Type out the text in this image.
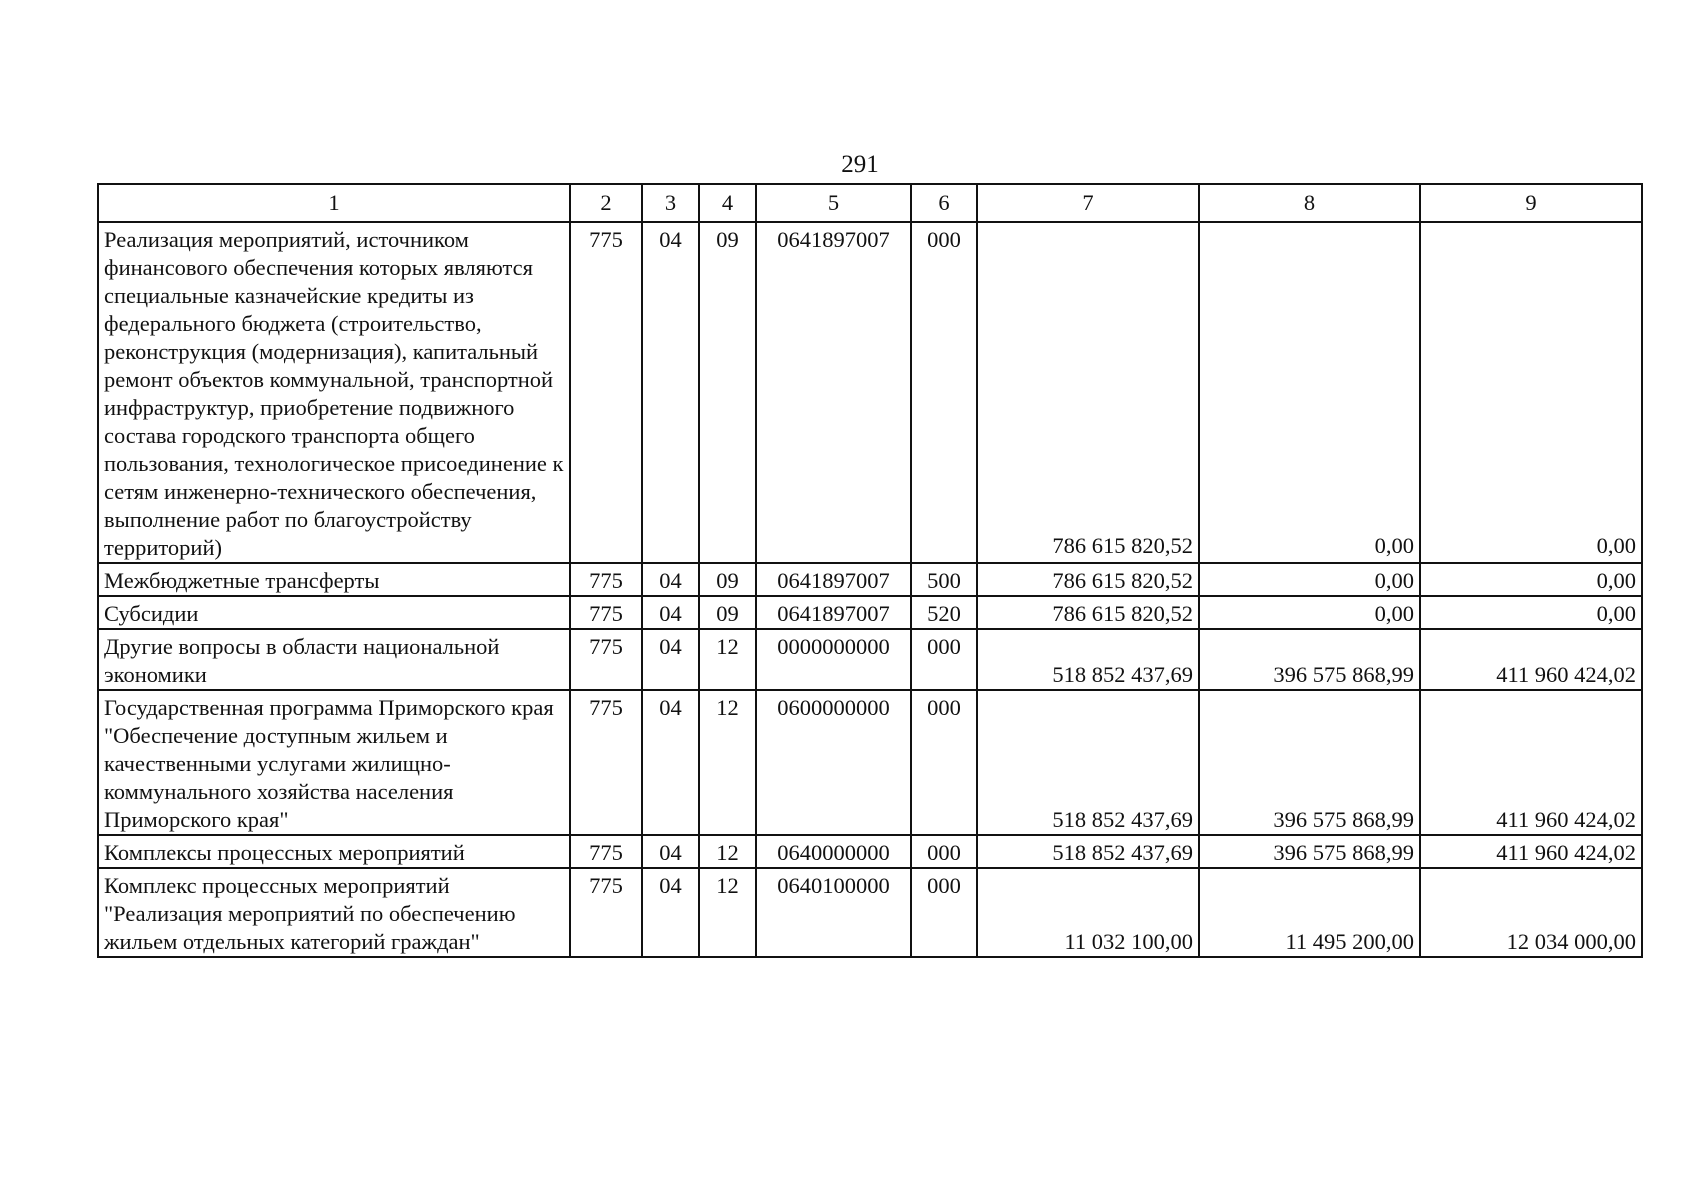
291
1	2	3	4	5	6	7	8	9
Реализация мероприятий, источником финансового обеспечения которых являются специальные казначейские кредиты из федерального бюджета (строительство, реконструкция (модернизация), капитальный ремонт объектов коммунальной, транспортной инфраструктур, приобретение подвижного состава городского транспорта общего пользования, технологическое присоединение к сетям инженерно-технического обеспечения, выполнение работ по благоустройству территорий)	775	04	09	0641897007	000	786 615 820,52	0,00	0,00
Межбюджетные трансферты	775	04	09	0641897007	500	786 615 820,52	0,00	0,00
Субсидии	775	04	09	0641897007	520	786 615 820,52	0,00	0,00
Другие вопросы в области национальной экономики	775	04	12	0000000000	000	518 852 437,69	396 575 868,99	411 960 424,02
Государственная программа Приморского края "Обеспечение доступным жильем и качественными услугами жилищно-коммунального хозяйства населения Приморского края"	775	04	12	0600000000	000	518 852 437,69	396 575 868,99	411 960 424,02
Комплексы процессных мероприятий	775	04	12	0640000000	000	518 852 437,69	396 575 868,99	411 960 424,02
Комплекс процессных мероприятий "Реализация мероприятий по обеспечению жильем отдельных категорий граждан"	775	04	12	0640100000	000	11 032 100,00	11 495 200,00	12 034 000,00
